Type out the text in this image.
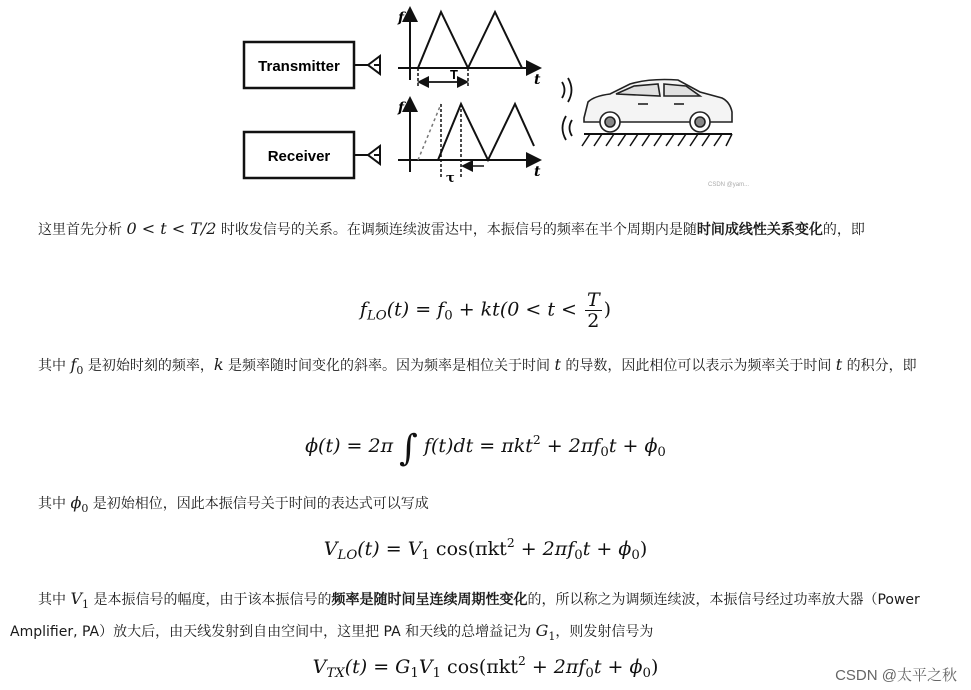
Transmitter
Receiver
f
t
T
f
t
τ	CSDN @yam...

这里首先分析 0 < t < T/2 时收发信号的关系。在调频连续波雷达中，本振信号的频率在半个周期内是随时间成线性关系变化的，即

$f_{LO}(t) = f_0 + kt(0 < t < \frac{T}{2}$ )

其中 $f_0$ 是初始时刻的频率，k 是频率随时间变化的斜率。因为频率是相位关于时间 t 的导数，因此相位可以表示为频率关于时间 t 的积分，即

ϕ(t) = 2π ∫ $f(t)dt = \pi kt^2 + 2\pi f_0t + \phi_0$

其中 $\phi_0$ 是初始相位，因此本振信号关于时间的表达式可以写成

$V_{LO}(t) = V_1$ $\cos(\pi kt^2 + 2\pi f_0t + \phi_0)$

其中 $V_1$ 是本振信号的幅度，由于该本振信号的频率是随时间呈连续周期性变化的，所以称之为调频连续波，本振信号经过功率放大器（Power Amplifier, PA）放大后，由天线发射到自由空间中，这里把 PA 和天线的总增益记为 $G_1$，则发射信号为

$V_{TX}(t) = G_1V_1$ $\cos(\pi kt^2 + 2\pi f_0t + \phi_0)$	CSDN @太平之秋
